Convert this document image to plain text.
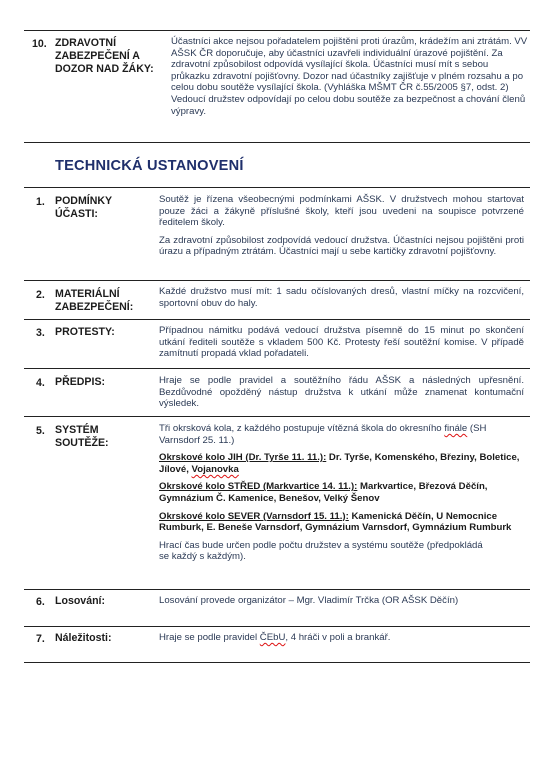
10. ZDRAVOTNÍ ZABEZPEČENÍ A DOZOR NAD ŽÁKY:
Účastníci akce nejsou pořadatelem pojištěni proti úrazům, krádežím ani ztrátám. VV AŠSK ČR doporučuje, aby účastníci uzavřeli individuální úrazové pojištění. Za zdravotní způsobilost odpovídá vysílající škola. Účastníci musí mít s sebou průkazku zdravotní pojišťovny. Dozor nad účastníky zajišťuje v plném rozsahu a po celou dobu soutěže vysílající škola. (Vyhláška MŠMT ČR č.55/2005 §7, odst. 2) Vedoucí družstev odpovídají po celou dobu soutěže za bezpečnost a chování členů výpravy.
TECHNICKÁ USTANOVENÍ
1. PODMÍNKY ÚČASTI:

Soutěž je řízena všeobecnými podmínkami AŠSK. V družstvech mohou startovat pouze žáci a žákyně příslušné školy, kteří jsou uvedeni na soupisce potvrzené ředitelem školy.

Za zdravotní způsobilost zodpovídá vedoucí družstva. Účastníci nejsou pojištěni proti úrazu a případným ztrátám. Účastníci mají u sebe kartičky zdravotní pojišťovny.

2. MATERIÁLNÍ ZABEZPEČENÍ:
Každé družstvo musí mít: 1 sadu očíslovaných dresů, vlastní míčky na rozcvičení, sportovní obuv do haly.
3. PROTESTY:	Případnou námitku podává vedoucí družstva písemně do 15 minut po skončení utkání řediteli soutěže s vkladem 500 Kč. Protesty řeší soutěžní komise. V případě zamítnutí propadá vklad pořadateli.
4. PŘEDPIS:	Hraje se podle pravidel a soutěžního řádu AŠSK a následných upřesnění. Bezdůvodné opožděný nástup družstva k utkání může znamenat kontumační výsledek.
5. SYSTÉM SOUTĚŽE:

Tři okrsková kola, z každého postupuje vítězná škola do okresního finále (SH Varnsdorf 25. 11.)

Okrskové kolo JIH (Dr. Tyrše 11. 11.): Dr. Tyrše, Komenského, Březiny, Boletice, Jílové, Vojanovka

Okrskové kolo STŘED (Markvartice 14. 11.): Markvartice, Březová Děčín, Gymnázium Č. Kamenice, Benešov, Velký Šenov

Okrskové kolo SEVER (Varnsdorf 15. 11.): Kamenická Děčín, U Nemocnice Rumburk, E. Beneše Varnsdorf, Gymnázium Varnsdorf, Gymnázium Rumburk

Hrací čas bude určen podle počtu družstev a systému soutěže (předpokládá se každý s každým).

6. Losování:	Losování provede organizátor – Mgr. Vladimír Trčka (OR AŠSK Děčín)
7. Náležitosti:	Hraje se podle pravidel ČEbU, 4 hráči v poli a brankář.
